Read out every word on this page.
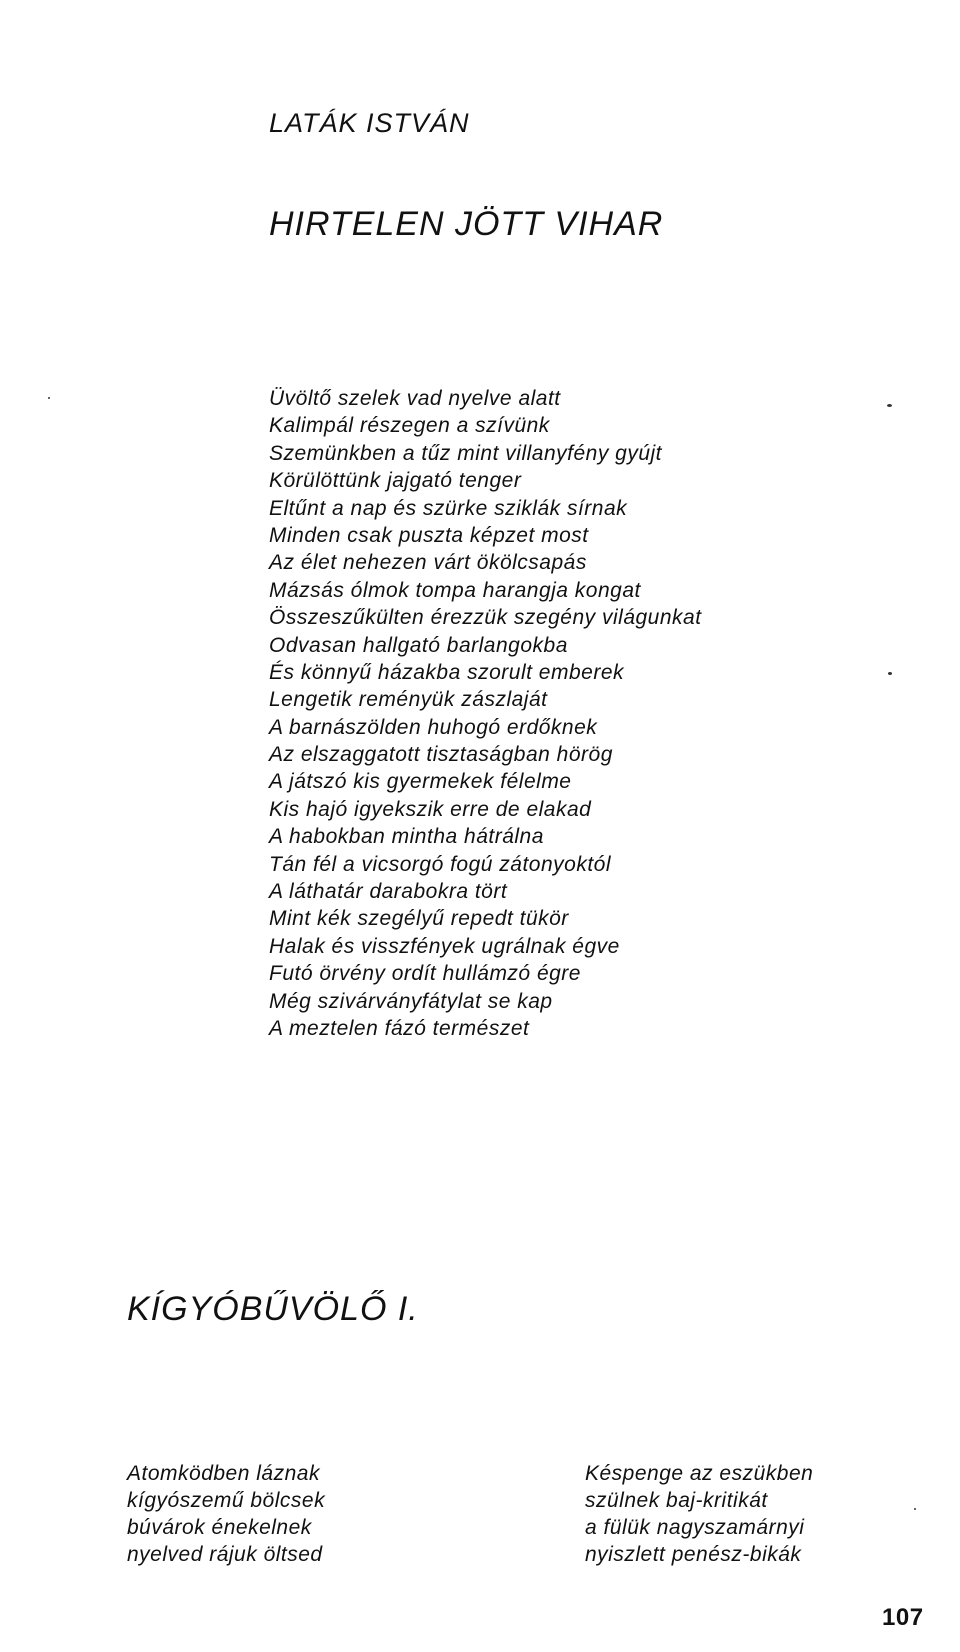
LATÁK ISTVÁN
HIRTELEN JÖTT VIHAR
Üvöltő szelek vad nyelve alatt
Kalimpál részegen a szívünk
Szemünkben a tűz mint villanyfény gyújt
Körülöttünk jajgató tenger
Eltűnt a nap és szürke sziklák sírnak
Minden csak puszta képzet most
Az élet nehezen várt ökölcsapás
Mázsás ólmok tompa harangja kongat
Összeszűkülten érezzük szegény világunkat
Odvasan hallgató barlangokba
És könnyű házakba szorult emberek
Lengetik reményük zászlaját
A barnászölden huhogó erdőknek
Az elszaggatott tisztaságban hörög
A játszó kis gyermekek félelme
Kis hajó igyekszik erre de elakad
A habokban mintha hátrálna
Tán fél a vicsorgó fogú zátonyoktól
A láthatár darabokra tört
Mint kék szegélyű repedt tükör
Halak és visszfények ugrálnak égve
Futó örvény ordít hullámzó égre
Még szivárványfátylat se kap
A meztelen fázó természet
KÍGYÓBŰVÖLŐ I.
Atomködben láznak
kígyószemű bölcsek
búvárok énekelnek
nyelved rájuk öltsed
Késpenge az eszükben
szülnek baj-kritikát
a fülük nagyszamárnyi
nyiszlett penész-bikák
107
